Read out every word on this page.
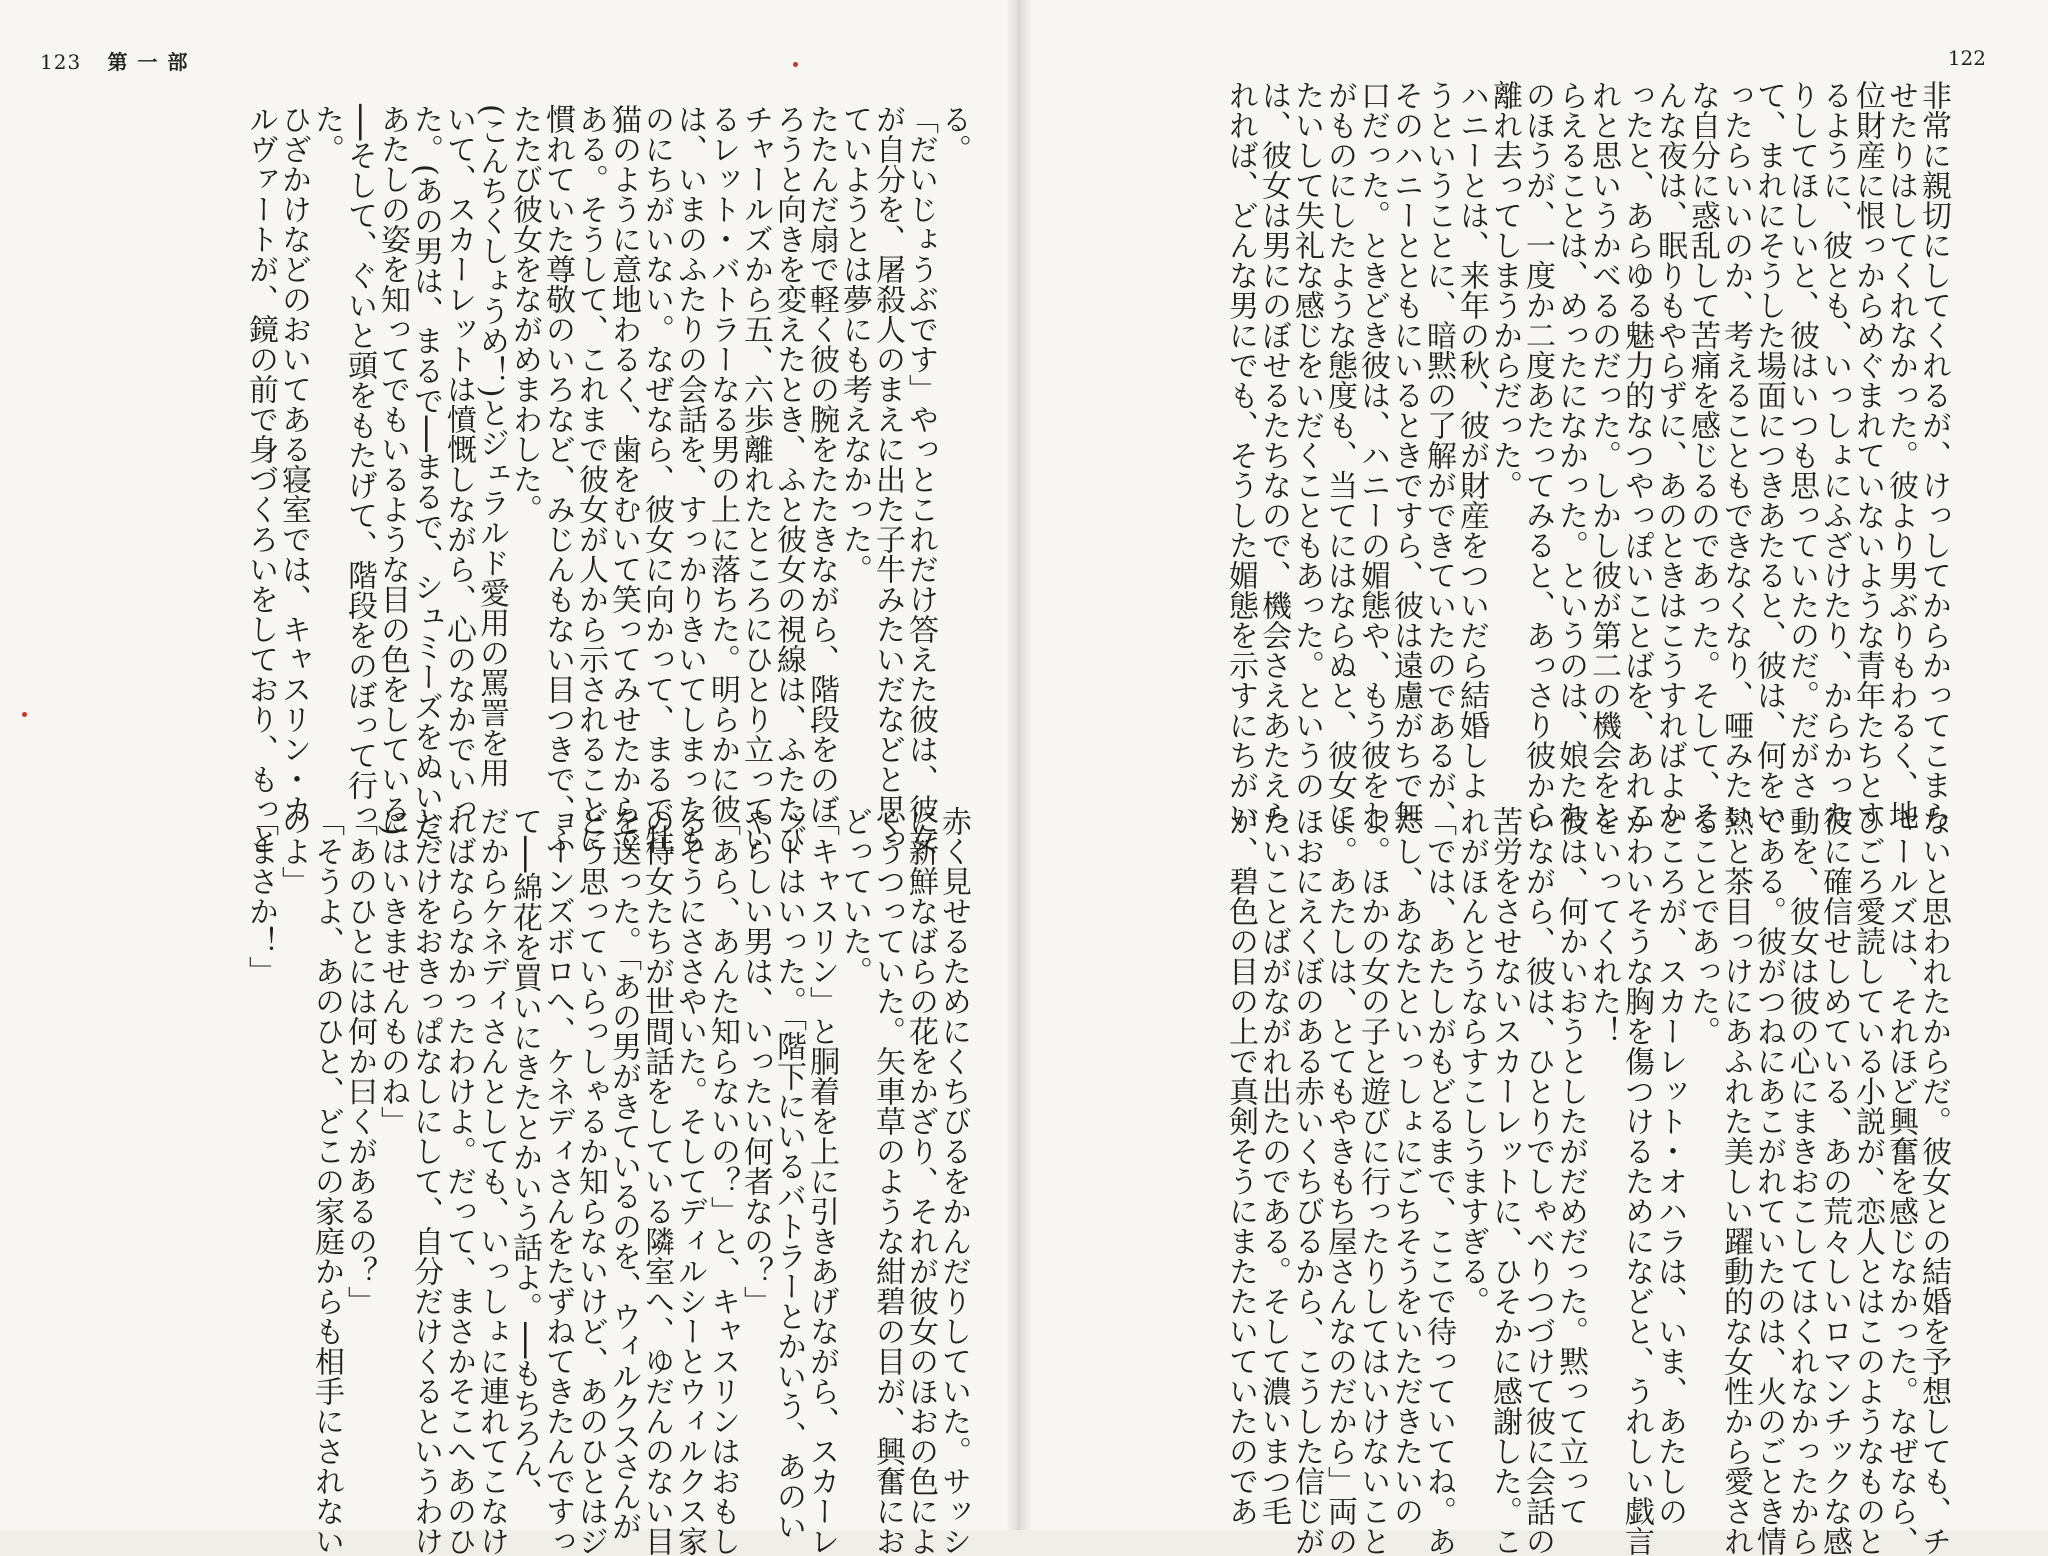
123 第一部
る。
「だいじょうぶです」やっとこれだけ答えた彼は、彼女
が自分を、屠殺人のまえに出た子牛みたいだなどと思っ
ていようとは夢にも考えなかった。
たたんだ扇で軽く彼の腕をたたきながら、階段をのぼ
ろうと向きを変えたとき、ふと彼女の視線は、ふたたび
チャールズから五、六歩離れたところにひとり立ってい
るレット・バトラーなる男の上に落ちた。明らかに彼
は、いまのふたりの会話を、すっかりきいてしまったも
のにちがいない。なぜなら、彼女に向かって、まるで牡
猫のように意地わるく、歯をむいて笑ってみせたからで
ある。そうして、これまで彼女が人から示されることに
慣れていた尊敬のいろなど、みじんもない目つきで、ふ
たたび彼女をながめまわした。
(こんちくしょうめ！)とジェラルド愛用の罵詈を用
いて、スカーレットは憤慨しながら、心のなかでいっ
た。(あの男は、まるで──まるで、シュミーズをぬいだ
あたしの姿を知ってでもいるような目の色をしている)
──そして、ぐいと頭をもたげて、階段をのぼって行っ
た。
ひざかけなどのおいてある寝室では、キャスリン・カ
ルヴァートが、鏡の前で身づくろいをしており、もっと
赤く見せるためにくちびるをかんだりしていた。サッシ
に新鮮なばらの花をかざり、それが彼女のほおの色によ
くうつっていた。矢車草のような紺碧の目が、興奮にお
どっていた。
「キャスリン」と胴着を上に引きあげながら、スカーレ
ットはいった。「階下にいるバトラーとかいう、あのい
やらしい男は、いったい何者なの？」
「あら、あんた知らないの？」と、キャスリンはおもし
ろそうにささやいた。そしてディルシーとウィルクス家
の侍女たちが世間話をしている隣室へ、ゆだんのない目
を送った。「あの男がきているのを、ウィルクスさんが
どう思っていらっしゃるか知らないけど、あのひとはジ
ョーンズボロへ、ケネディさんをたずねてきたんですっ
て──綿花を買いにきたとかいう話よ。──もちろん、
だからケネディさんとしても、いっしょに連れてこなけ
ればならなかったわけよ。だって、まさかそこへあのひ
とだけをおきっぱなしにして、自分だけくるというわけ
にはいきませんものね」
「あのひとには何か曰くがあるの？」
「そうよ、あのひと、どこの家庭からも相手にされない
のよ」
「まさか！」
122
非常に親切にしてくれるが、けっしてからかってこまら
せたりはしてくれなかった。彼より男ぶりもわるく、地
位財産に恨っからめぐまれていないような青年たちとす
るように、彼とも、いっしょにふざけたり、からかった
りしてほしいと、彼はいつも思っていたのだ。だがさ
て、まれにそうした場面につきあたると、彼は、何をい
ったらいいのか、考えることもできなくなり、唖みたい
な自分に惑乱して苦痛を感じるのであった。そして、そ
んな夜は、眠りもやらずに、あのときはこうすればよか
ったと、あらゆる魅力的なつやっぽいことばを、あれこ
れと思いうかべるのだった。しかし彼が第二の機会をと
らえることは、めったになかった。というのは、娘たち
のほうが、一度か二度あたってみると、あっさり彼から
離れ去ってしまうからだった。
ハニーとは、来年の秋、彼が財産をついだら結婚しよ
うということに、暗黙の了解ができていたのであるが、
そのハニーとともにいるときですら、彼は遠慮がちで無
口だった。ときどき彼は、ハニーの媚態や、もう彼をわ
がものにしたような態度も、当てにはならぬと、彼女に
たいして失礼な感じをいだくこともあった。というの
は、彼女は男にのぼせるたちなので、機会さえあたえら
れれば、どんな男にでも、そうした媚態を示すにちがい
ないと思われたからだ。彼女との結婚を予想しても、チ
ャールズは、それほど興奮を感じなかった。なぜなら、
ひごろ愛読している小説が、恋人とはこのようなものと
彼に確信せしめている、あの荒々しいロマンチックな感
動を、彼女は彼の心にまきおこしてはくれなかったから
である。彼がつねにあこがれていたのは、火のごとき情
熱と茶目っけにあふれた美しい躍動的な女性から愛され
ることであった。
ところが、スカーレット・オハラは、いま、あたしの
かわいそうな胸を傷つけるためになどと、うれしい戯言
をいってくれた！
彼は、何かいおうとしたがだめだった。黙って立って
いながら、彼は、ひとりでしゃべりつづけて彼に会話の
苦労をさせないスカーレットに、ひそかに感謝した。こ
れがほんとうならすこしうますぎる。
「では、あたしがもどるまで、ここで待っていてね。あ
たし、あなたといっしょにごちそうをいただきたいの
よ。ほかの女の子と遊びに行ったりしてはいけないこと
よ。あたしは、とてもやきもち屋さんなのだから」両の
ほおにえくぼのある赤いくちびるから、こうした信じが
たいことばがながれ出たのである。そして濃いまつ毛
が、碧色の目の上で真剣そうにまたたいていたのであ
